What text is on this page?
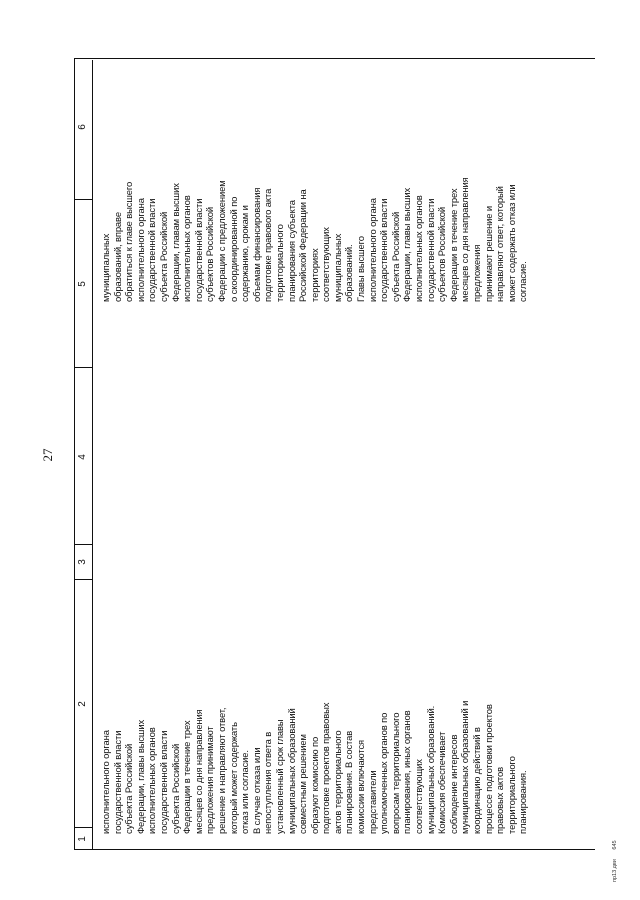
27
1
2
3
4
5
6
исполнительного органа государственной власти субъекта Российской Федерации, главы высших исполнительных органов государственной власти субъекта Российской Федерации в течение трех месяцев со дня направления предложения принимают решение и направляют ответ, который может содержать отказ или согласие. В случае отказа или непоступления ответа в установленный срок главы муниципальных образований совместным решением образуют комиссию по подготовке проектов правовых актов территориального планирования. В состав комиссии включаются представители уполномоченных органов по вопросам территориального планирования, иных органов соответствующих муниципальных образований. Комиссия обеспечивает соблюдение интересов муниципальных образований и координацию действий в процессе подготовки проектов правовых актов территориального планирования.
муниципальных образований, вправе обратиться к главе высшего исполнительного органа государственной власти субъекта Российской Федерации, главам высших исполнительных органов государственной власти субъектов Российской Федерации с предложением о скоординированной по содержанию, срокам и объемам финансирования подготовке правового акта территориального планирования субъекта Российской Федерации на территориях соответствующих муниципальных образований. Главы высшего исполнительного органа государственной власти субъекта Российской Федерации, главы высших исполнительных органов государственной власти субъектов Российской Федерации в течение трех месяцев со дня направления предложения принимают решение и направляют ответ, который может содержать отказ или согласие.
пр13 дви 645
